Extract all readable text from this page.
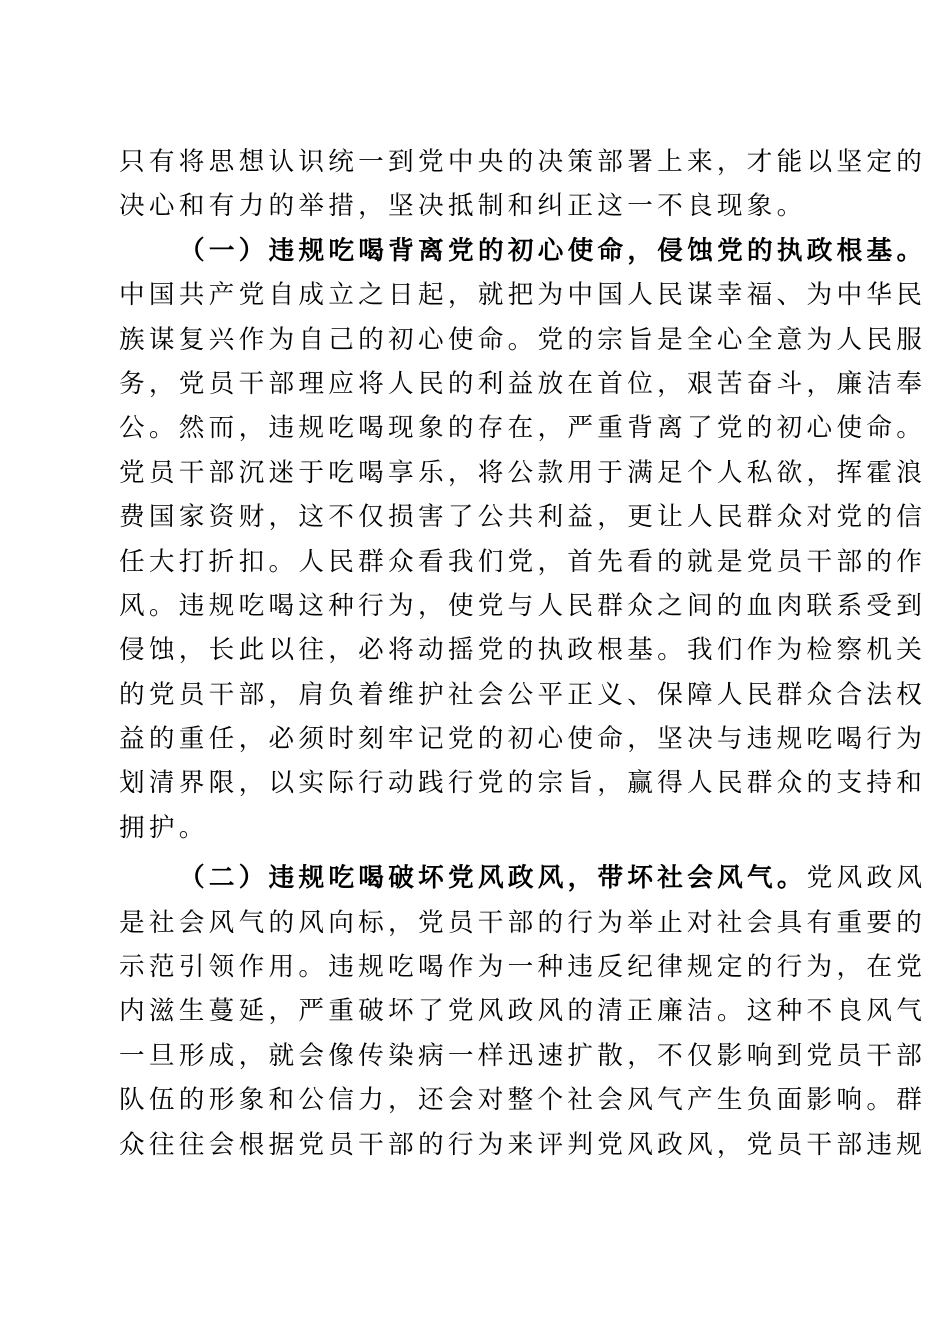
只有将思想认识统一到党中央的决策部署上来，才能以坚定的
决心和有力的举措，坚决抵制和纠正这一不良现象。
（一）违规吃喝背离党的初心使命，侵蚀党的执政根基。
中国共产党自成立之日起，就把为中国人民谋幸福、为中华民
族谋复兴作为自己的初心使命。党的宗旨是全心全意为人民服
务，党员干部理应将人民的利益放在首位，艰苦奋斗，廉洁奉
公。然而，违规吃喝现象的存在，严重背离了党的初心使命。
党员干部沉迷于吃喝享乐，将公款用于满足个人私欲，挥霍浪
费国家资财，这不仅损害了公共利益，更让人民群众对党的信
任大打折扣。人民群众看我们党，首先看的就是党员干部的作
风。违规吃喝这种行为，使党与人民群众之间的血肉联系受到
侵蚀，长此以往，必将动摇党的执政根基。我们作为检察机关
的党员干部，肩负着维护社会公平正义、保障人民群众合法权
益的重任，必须时刻牢记党的初心使命，坚决与违规吃喝行为
划清界限，以实际行动践行党的宗旨，赢得人民群众的支持和
拥护。
（二）违规吃喝破坏党风政风，带坏社会风气。党风政风
是社会风气的风向标，党员干部的行为举止对社会具有重要的
示范引领作用。违规吃喝作为一种违反纪律规定的行为，在党
内滋生蔓延，严重破坏了党风政风的清正廉洁。这种不良风气
一旦形成，就会像传染病一样迅速扩散，不仅影响到党员干部
队伍的形象和公信力，还会对整个社会风气产生负面影响。群
众往往会根据党员干部的行为来评判党风政风，党员干部违规
